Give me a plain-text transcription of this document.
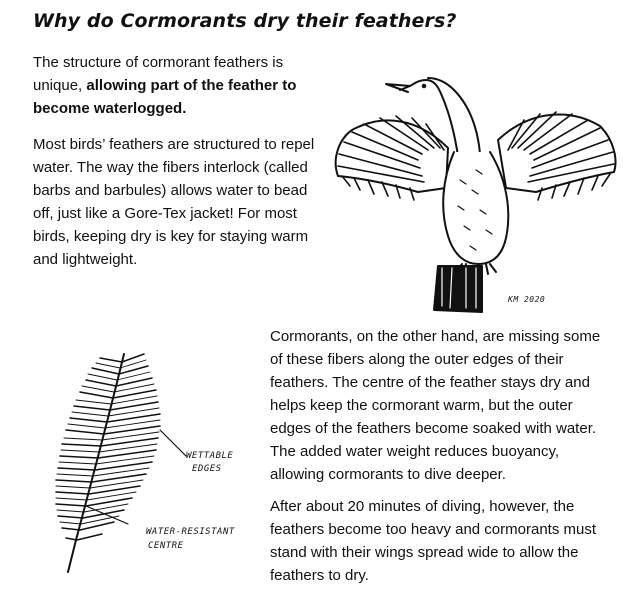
Why do Cormorants dry their feathers?

The structure of cormorant feathers is unique, allowing part of the feather to become waterlogged.

Most birds’ feathers are structured to repel water. The way the fibers interlock (called barbs and barbules) allows water to bead off, just like a Gore-Tex jacket! For most birds, keeping dry is key for staying warm and lightweight.

KM 2020
WETTABLE
EDGES
WATER-RESISTANT
CENTRE

Cormorants, on the other hand, are missing some of these fibers along the outer edges of their feathers. The centre of the feather stays dry and helps keep the cormorant warm, but the outer edges of the feathers become soaked with water. The added water weight reduces buoyancy, allowing cormorants to dive deeper.

After about 20 minutes of diving, however, the feathers become too heavy and cormorants must stand with their wings spread wide to allow the feathers to dry.
